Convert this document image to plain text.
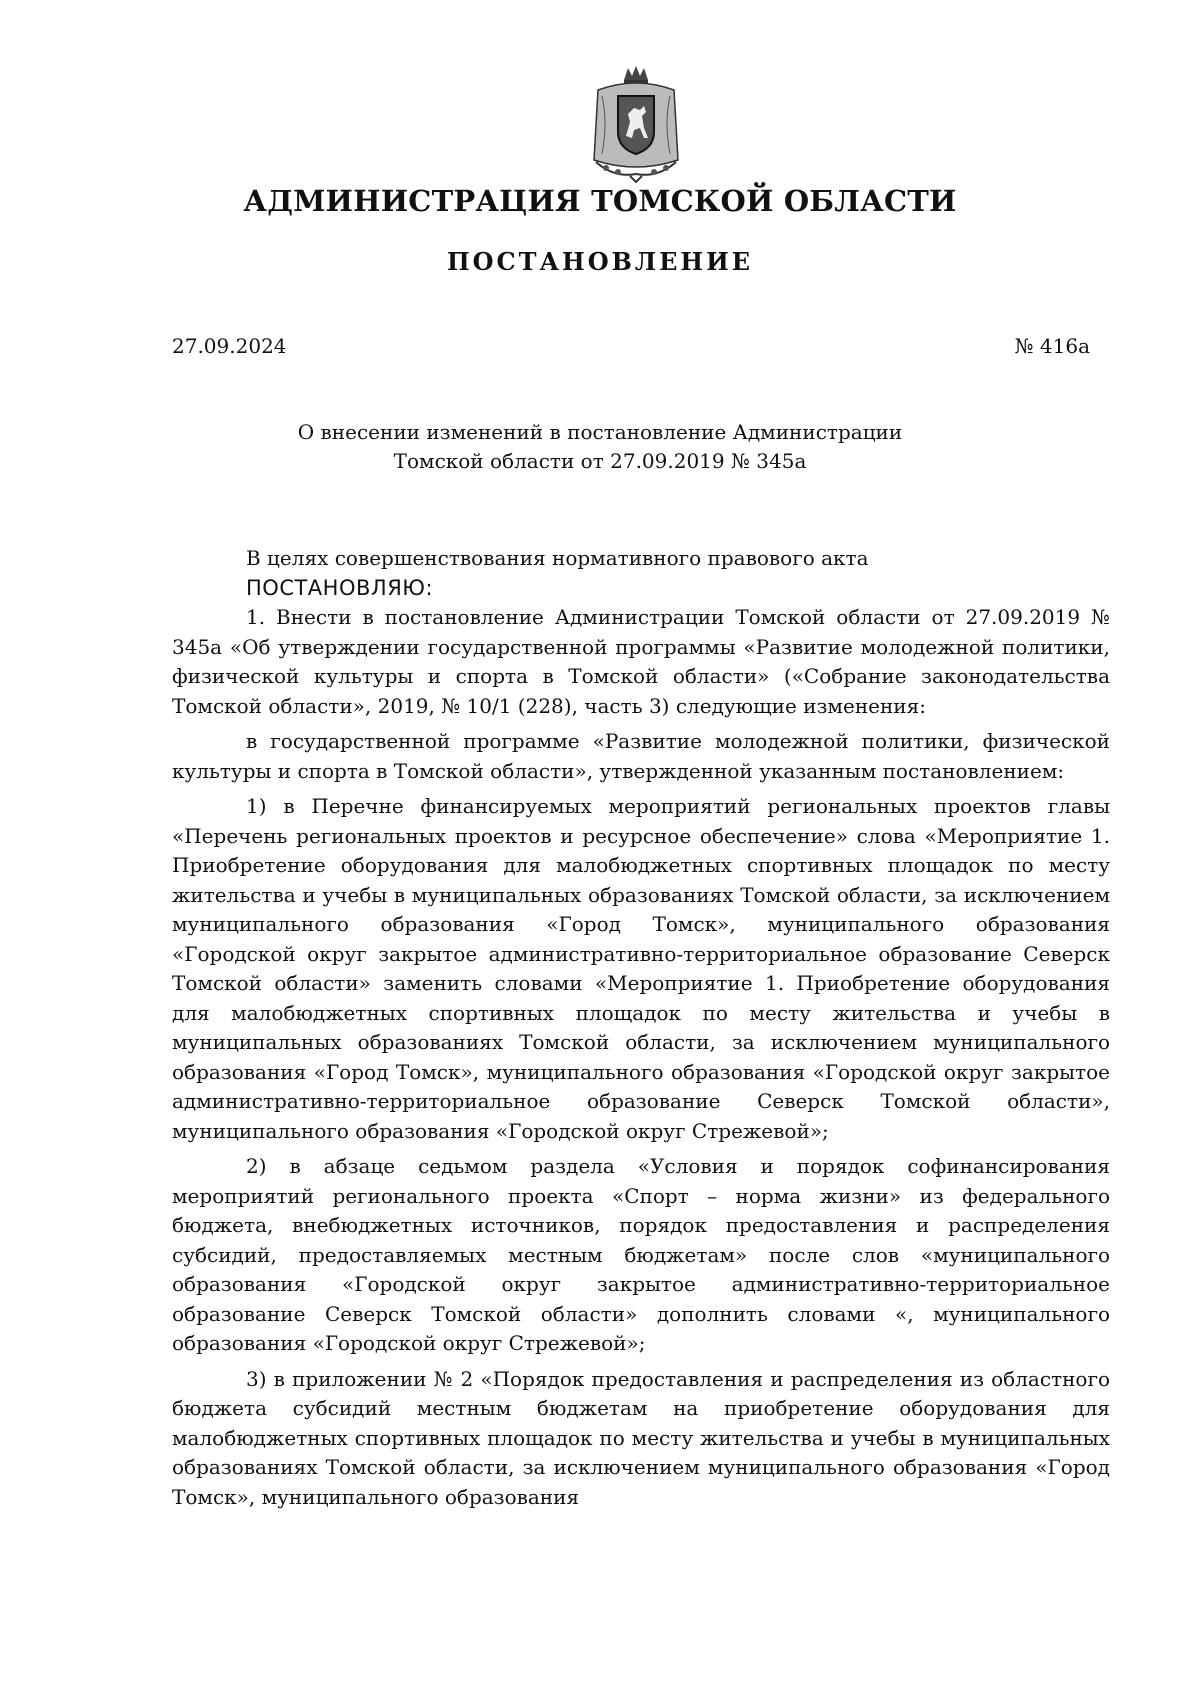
АДМИНИСТРАЦИЯ ТОМСКОЙ ОБЛАСТИ
ПОСТАНОВЛЕНИЕ
27.09.2024	№ 416а
О внесении изменений в постановление Администрации
Томской области от 27.09.2019 № 345а

В целях совершенствования нормативного правового акта

ПОСТАНОВЛЯЮ:

1. Внести в постановление Администрации Томской области от 27.09.2019 № 345а «Об утверждении государственной программы «Развитие молодежной политики, физической культуры и спорта в Томской области» («Собрание законодательства Томской области», 2019, № 10/1 (228), часть 3) следующие изменения:

в государственной программе «Развитие молодежной политики, физической культуры и спорта в Томской области», утвержденной указанным постановлением:

1) в Перечне финансируемых мероприятий региональных проектов главы «Перечень региональных проектов и ресурсное обеспечение» слова «Мероприятие 1. Приобретение оборудования для малобюджетных спортивных площадок по месту жительства и учебы в муниципальных образованиях Томской области, за исключением муниципального образования «Город Томск», муниципального образования «Городской округ закрытое административно-территориальное образование Северск Томской области» заменить словами «Мероприятие 1. Приобретение оборудования для малобюджетных спортивных площадок по месту жительства и учебы в муниципальных образованиях Томской области, за исключением муниципального образования «Город Томск», муниципального образования «Городской округ закрытое административно-территориальное образование Северск Томской области», муниципального образования «Городской округ Стрежевой»;

2) в абзаце седьмом раздела «Условия и порядок софинансирования мероприятий регионального проекта «Спорт – норма жизни» из федерального бюджета, внебюджетных источников, порядок предоставления и распределения субсидий, предоставляемых местным бюджетам» после слов «муниципального образования «Городской округ закрытое административно-территориальное образование Северск Томской области» дополнить словами «, муниципального образования «Городской округ Стрежевой»;

3) в приложении № 2 «Порядок предоставления и распределения из областного бюджета субсидий местным бюджетам на приобретение оборудования для малобюджетных спортивных площадок по месту жительства и учебы в муниципальных образованиях Томской области, за исключением муниципального образования «Город Томск», муниципального образования
